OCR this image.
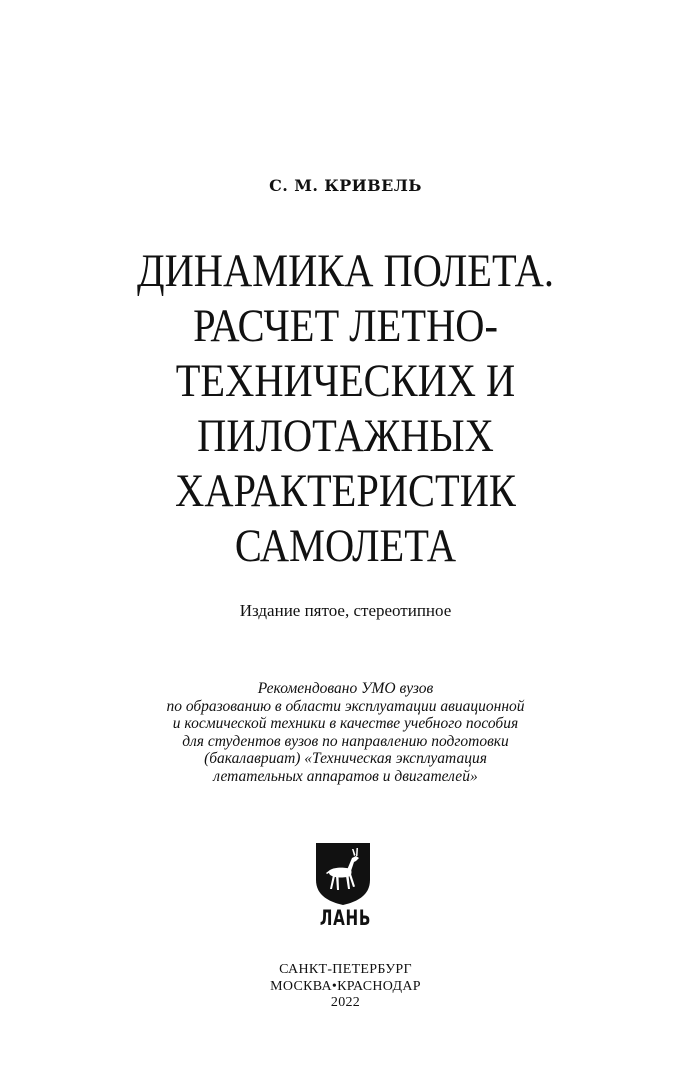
С. М. КРИВЕЛЬ
ДИНАМИКА ПОЛЕТА.
РАСЧЕТ ЛЕТНО-
ТЕХНИЧЕСКИХ И
ПИЛОТАЖНЫХ
ХАРАКТЕРИСТИК
САМОЛЕТА
Издание пятое, стереотипное
Рекомендовано УМО вузов
по образованию в области эксплуатации авиационной
и космической техники в качестве учебного пособия
для студентов вузов по направлению подготовки
(бакалавриат) «Техническая эксплуатация
летательных аппаратов и двигателей»
ЛАНЬ
САНКТ-ПЕТЕРБУРГ
МОСКВА•КРАСНОДАР
2022
